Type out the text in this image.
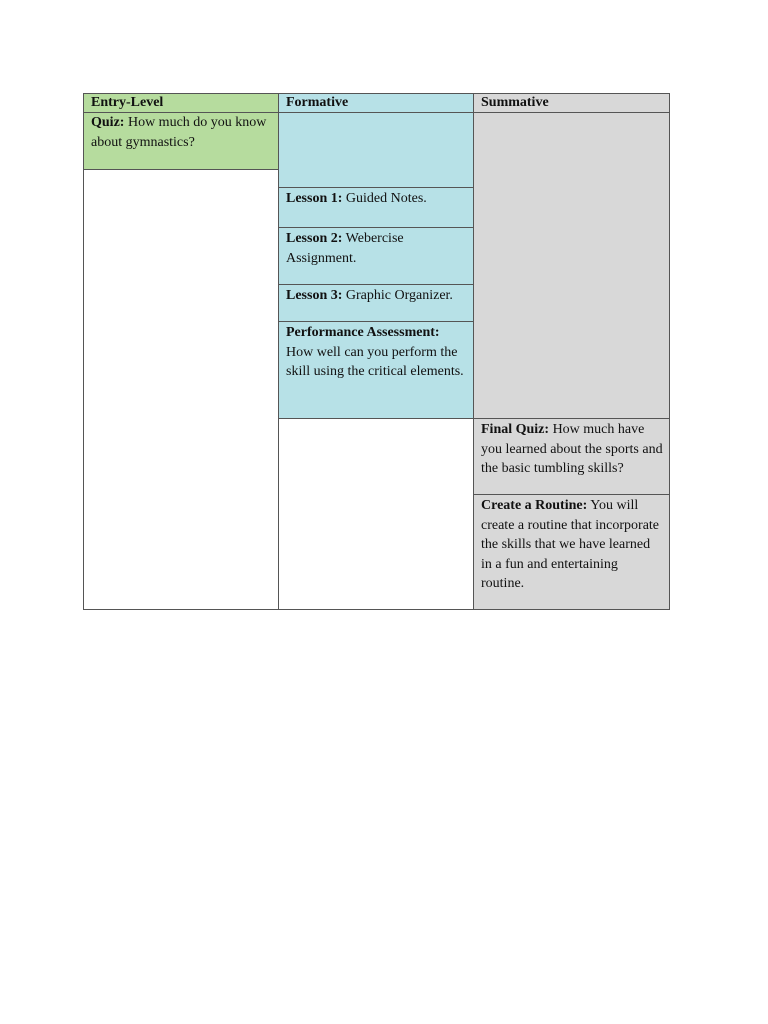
Entry-Level
Quiz: How much do you know about gymnastics?
Formative
Lesson 1: Guided Notes.
Lesson 2: Webercise Assignment.
Lesson 3: Graphic Organizer.
Performance Assessment: How well can you perform the skill using the critical elements.
Summative
Final Quiz: How much have you learned about the sports and the basic tumbling skills?
Create a Routine: You will create a routine that incorporate the skills that we have learned in a fun and entertaining routine.
